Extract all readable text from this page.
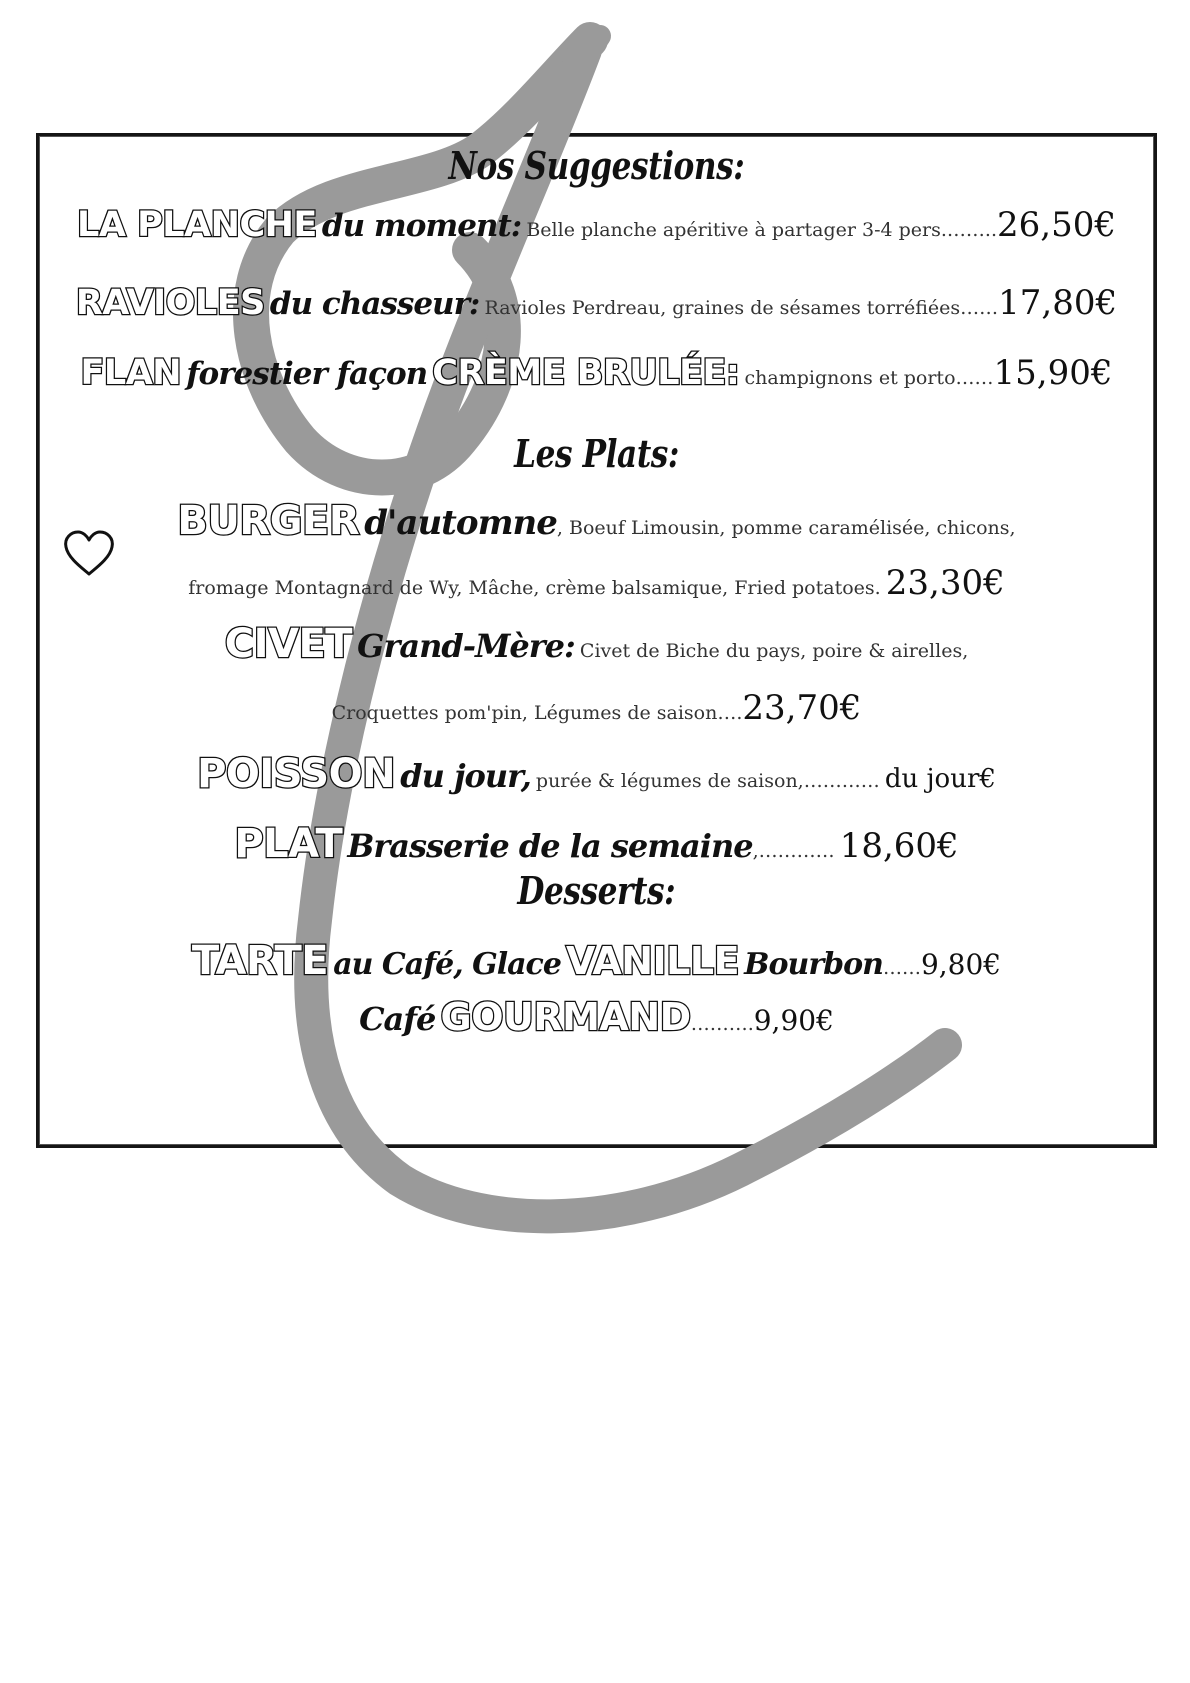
Nos Suggestions:
LA PLANCHE du moment: Belle planche apéritive à partager 3-4 pers.……..26,50€
RAVIOLES du chasseur: Ravioles Perdreau, graines de sésames torréfiées……17,80€
FLAN forestier façon CRÈME BRULÉE: champignons et porto……15,90€
Les Plats:
BURGER d'automne, Boeuf Limousin, pomme caramélisée, chicons,
fromage Montagnard de Wy, Mâche, crème balsamique, Fried potatoes. 23,30€
CIVET Grand-Mère: Civet de Biche du pays, poire & airelles,
Croquettes pom'pin, Légumes de saison….23,70€
POISSON du jour, purée & légumes de saison,………… du jour€
PLAT Brasserie de la semaine,………… 18,60€
Desserts:
TARTE au Café, Glace VANILLE Bourbon……9,80€
Café GOURMAND……….9,90€
